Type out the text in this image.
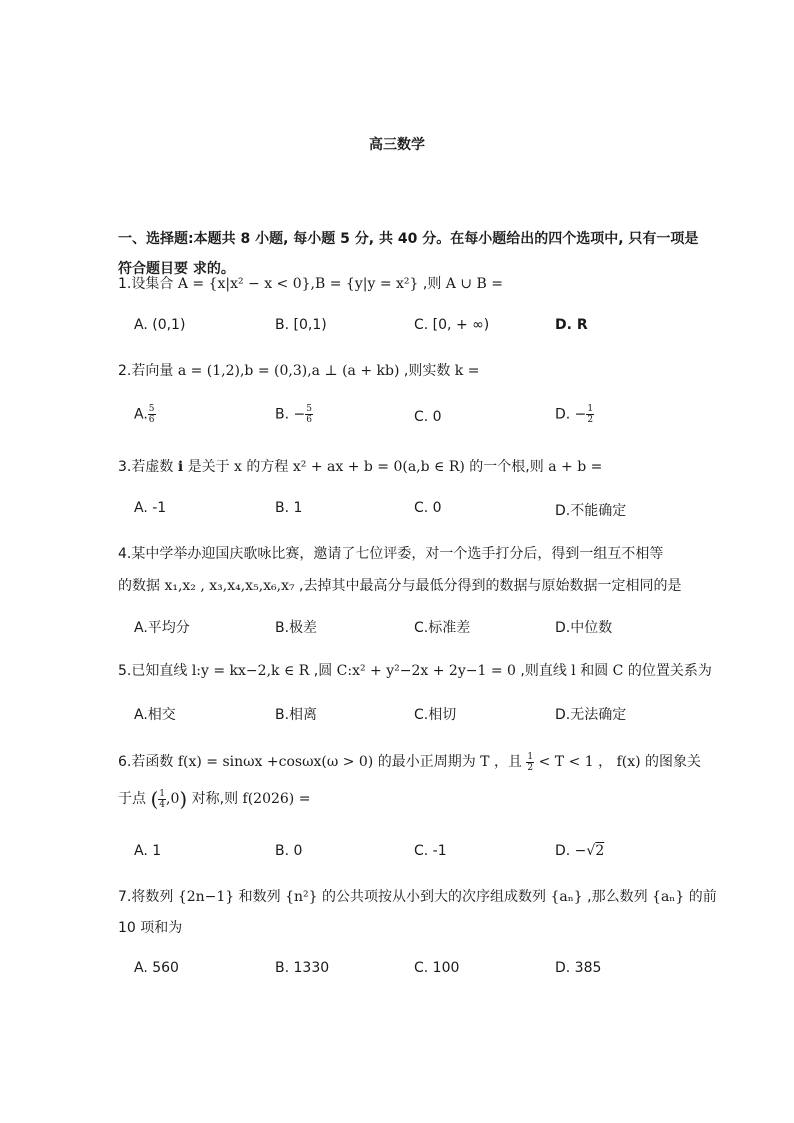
高三数学
一、选择题:本题共 8 小题, 每小题 5 分, 共 40 分。在每小题给出的四个选项中, 只有一项是
符合题目要 求的。
1.设集合 A = {x|x² − x < 0},B = {y|y = x²} ,则 A ∪ B =
A. (0,1)	B. [0,1)	C. [0, + ∞)	D. R
2.若向量 a = (1,2),b = (0,3),a ⊥ (a + kb) ,则实数 k =
A. $\frac{5}{6}$	B. − $\frac{5}{6}$	C. 0	D. − $\frac{1}{2}$
3.若虚数 i 是关于 x 的方程 x² + ax + b = 0(a,b ∈ R) 的一个根,则 a + b =
A. -1	B. 1	C. 0	D.不能确定
4.某中学举办迎国庆歌咏比赛，邀请了七位评委，对一个选手打分后，得到一组互不相等
的数据 x₁,x₂ , x₃,x₄,x₅,x₆,x₇ ,去掉其中最高分与最低分得到的数据与原始数据一定相同的是
A.平均分	B.极差	C.标准差	D.中位数
5.已知直线 l:y = kx−2,k ∈ R ,圆 C:x² + y²−2x + 2y−1 = 0 ,则直线 l 和圆 C 的位置关系为
A.相交	B.相离	C.相切	D.无法确定
6.若函数 f(x) = sinωx +cosωx(ω > 0) 的最小正周期为 T ，且 $\frac{1}{2} < T < 1$ ， f(x) 的图象关
于点 ( $\frac{1}{4} ,0$) 对称,则 f(2026) =
A. 1	B. 0	C. -1	D. −√2
7.将数列 {2n−1} 和数列 {n²} 的公共项按从小到大的次序组成数列 {aₙ} ,那么数列 {aₙ} 的前
10 项和为
A. 560	B. 1330	C. 100	D. 385
